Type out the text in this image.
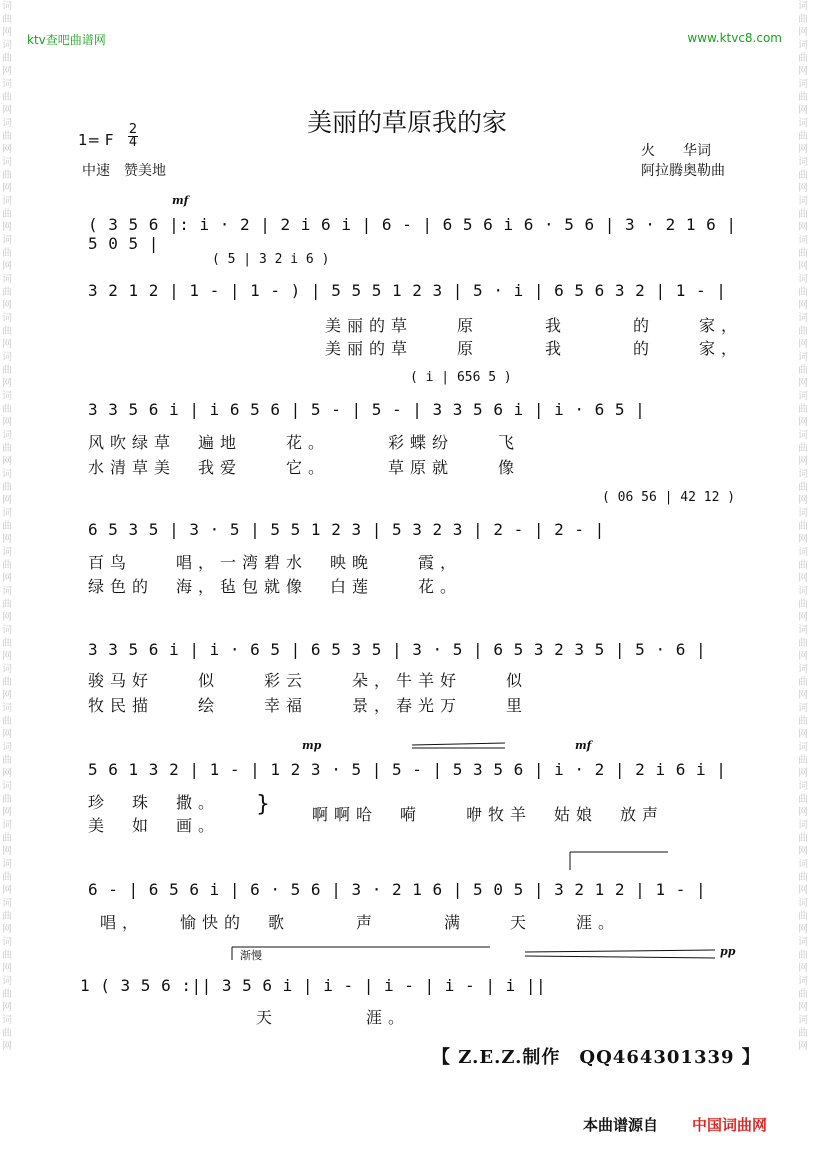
词曲网词曲网词曲网词曲网词曲网词曲网词曲网词曲网词曲网词曲网词曲网词曲网词曲网词曲网词曲网词曲网词曲网词曲网词曲网词曲网词曲网词曲网词曲网词曲网词曲网词曲网词曲网
词曲网词曲网词曲网词曲网词曲网词曲网词曲网词曲网词曲网词曲网词曲网词曲网词曲网词曲网词曲网词曲网词曲网词曲网词曲网词曲网词曲网词曲网词曲网词曲网词曲网词曲网词曲网
ktv查吧曲谱网	www.ktvc8.com
美丽的草原我的家
1= F
2
4
中速　赞美地
火　　华词
阿拉腾奥勒曲
mf
mp	mf
pp
渐慢
( 3 5 6 |: i · 2 | 2 i 6 i | 6 - | 6 5 6 i 6 · 5 6 | 3 · 2 1 6 | 5 0 5 |
( 5 | 3 2 i 6 )
3 2 1 2 | 1 - | 1 - ) | 5 5 5 1 2 3 | 5 · i | 6 5 6 3 2 | 1 - |
美丽的草　　原　　　我　　　的　　家，
美丽的草　　原　　　我　　　的　　家，
( i | 656 5 )
3 3 5 6 i | i 6 5 6 | 5 - | 5 - | 3 3 5 6 i | i · 6 5 |
风吹绿草　遍地　　花。　　　彩蝶纷　　飞
水清草美　我爱　　它。　　　草原就　　像
( 06 56 | 42 12 )
6 5 3 5 | 3 · 5 | 5 5 1 2 3 | 5 3 2 3 | 2 - | 2 - |
百鸟　　唱，一湾碧水　映晚　　霞，
绿色的　海，毡包就像　白莲　　花。
3 3 5 6 i | i · 6 5 | 6 5 3 5 | 3 · 5 | 6 5 3 2 3 5 | 5 · 6 |
骏马好　　似　　彩云　　朵，牛羊好　　似
牧民描　　绘　　幸福　　景，春光万　　里
5 6 1 3 2 | 1 - | 1 2 3 · 5 | 5 - | 5 3 5 6 | i · 2 | 2 i 6 i |
珍　珠　撒。
美　如　画。
}	啊啊哈　嗬　　咿牧羊　姑娘　放声
6 - | 6 5 6 i | 6 · 5 6 | 3 · 2 1 6 | 5 0 5 | 3 2 1 2 | 1 - |
唱，　　愉快的　歌　　　声　　　满　　天　　涯。
1 ( 3 5 6 :|| 3 5 6 i | i - | i - | i - | i ||
天　　　　涯。
【 Z.E.Z.制作　QQ464301339 】
本曲谱源自 中国词曲网
